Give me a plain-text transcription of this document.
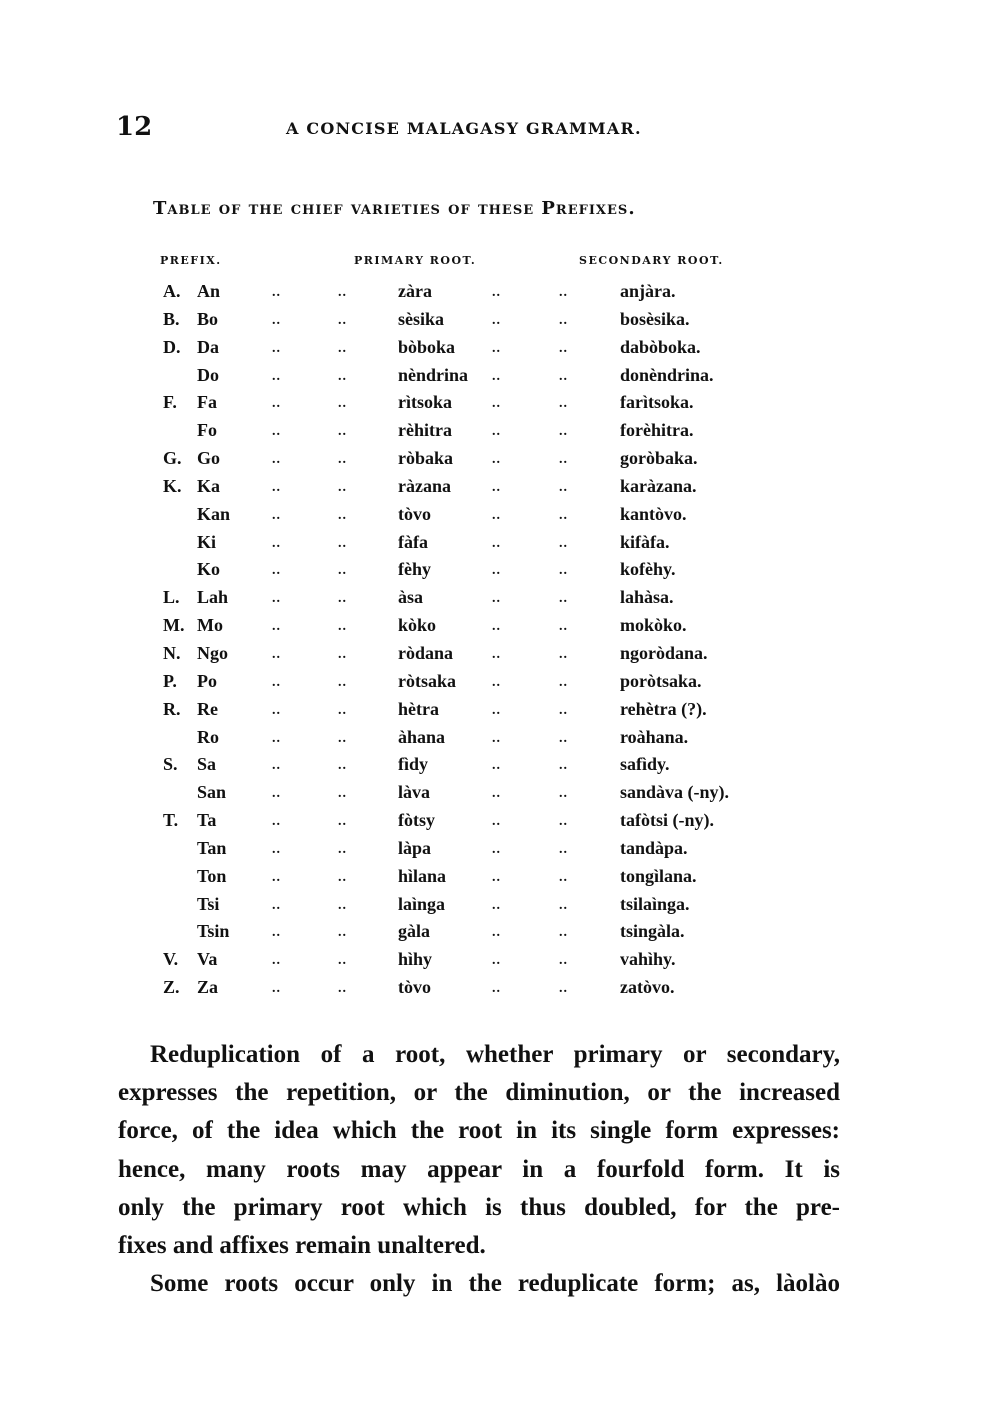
12	A CONCISE MALAGASY GRAMMAR.
Table of the chief varieties of these Prefixes.
PREFIX.	PRIMARY ROOT.	SECONDARY ROOT.
A. An	..	..	zàra	..	..	anjàra.
B. Bo	..	..	sèsika	..	..	bosèsika.
D. Da	..	..	bòboka	..	..	dabòboka.
Do	..	..	nèndrina ..	..	donèndrina.
F. Fa	..	..	rìtsoka	..	..	farìtsoka.
Fo	..	..	rèhitra	..	..	forèhitra.
G. Go	..	..	ròbaka	..	..	goròbaka.
K. Ka	..	..	ràzana	..	..	karàzana.
Kan	..	..	tòvo	..	..	kantòvo.
Ki	..	..	fàfa	..	..	kifàfa.
Ko	..	..	fèhy	..	..	kofèhy.
L. Lah	..	..	àsa	..	..	lahàsa.
M. Mo	..	..	kòko	..	..	mokòko.
N. Ngo	..	..	ròdana	..	..	ngoròdana.
P. Po	..	..	ròtsaka	..	..	poròtsaka.
R. Re	..	..	hètra	..	..	rehètra (?).
Ro	..	..	àhana	..	..	roàhana.
S. Sa	..	..	fìdy	..	..	safìdy.
San	..	..	làva	..	..	sandàva (-ny).
T. Ta	..	..	fòtsy	..	..	tafòtsi (-ny).
Tan	..	..	làpa	..	..	tandàpa.
Ton	..	..	hìlana	..	..	tongìlana.
Tsi	..	..	laìnga	..	..	tsilaìnga.
Tsin	..	..	gàla	..	..	tsingàla.
V. Va	..	..	hìhy	..	..	vahìhy.
Z. Za	..	..	tòvo	..	..	zatòvo.
Reduplication of a root, whether primary or secondary,
expresses the repetition, or the diminution, or the increased
force, of the idea which the root in its single form expresses:
hence, many roots may appear in a fourfold form. It is
only the primary root which is thus doubled, for the pre-
fixes and affixes remain unaltered.
Some roots occur only in the reduplicate form; as, làolào
